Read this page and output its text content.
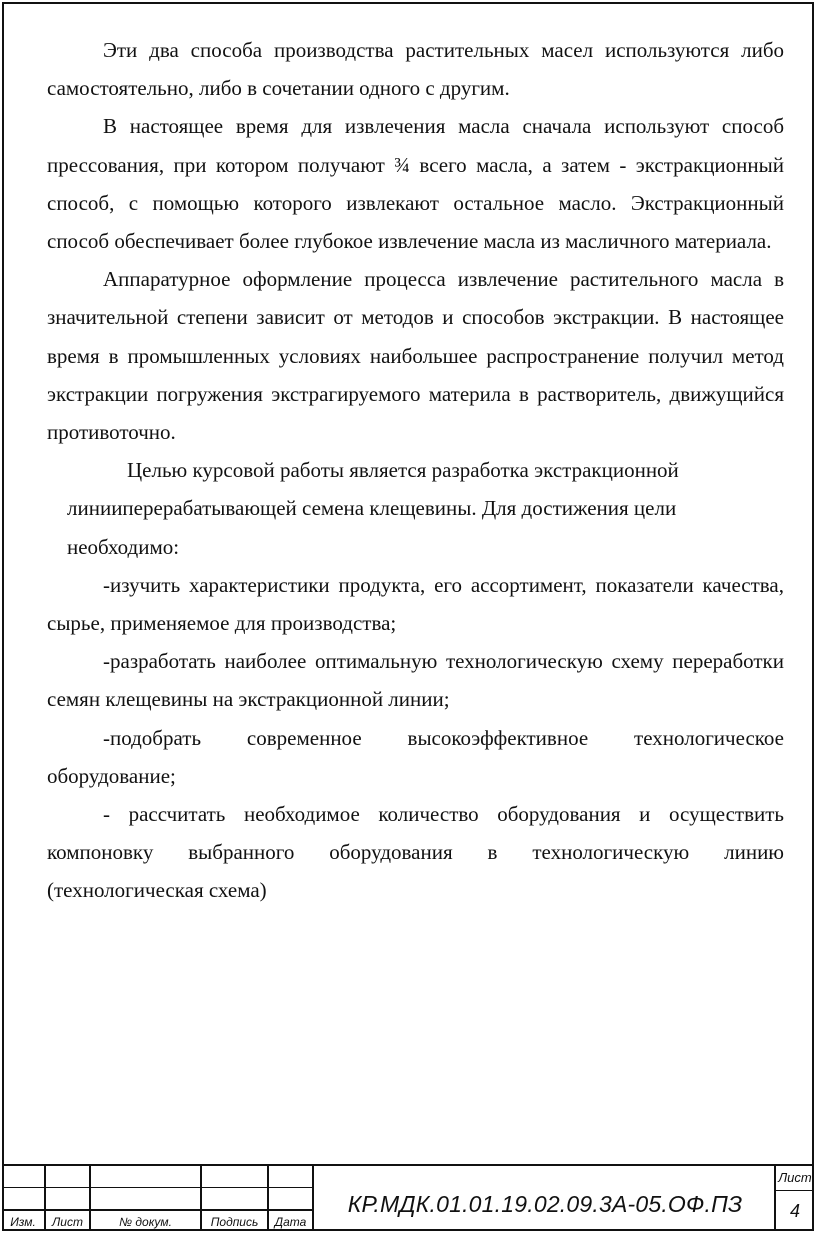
Эти два способа производства растительных масел используются либо самостоятельно, либо в сочетании одного с другим.

В настоящее время для извлечения масла сначала используют способ прессования, при котором получают ¾ всего масла, а затем - экстракционный способ, с помощью которого извлекают остальное масло. Экстракционный способ обеспечивает более глубокое извлечение масла из масличного материала.

Аппаратурное оформление процесса извлечение растительного масла в значительной степени зависит от методов и способов экстракции. В настоящее время в промышленных условиях наибольшее распространение получил метод экстракции погружения экстрагируемого материла в растворитель, движущийся противоточно.

Целью курсовой работы является разработка экстракционной линииперерабатывающей семена клещевины. Для достижения цели необходимо:

-изучить характеристики продукта, его ассортимент, показатели качества, сырье, применяемое для производства;

-разработать наиболее оптимальную технологическую схему переработки семян клещевины на экстракционной линии;

-подобрать современное высокоэффективное технологическое оборудование;

- рассчитать необходимое количество оборудования и осуществить компоновку выбранного оборудования в технологическую линию (технологическая схема)

Изм.	Лист	№ докум.	Подпись	Дата
КР.МДК.01.01.19.02.09.3А-05.ОФ.ПЗ
Лист
4
